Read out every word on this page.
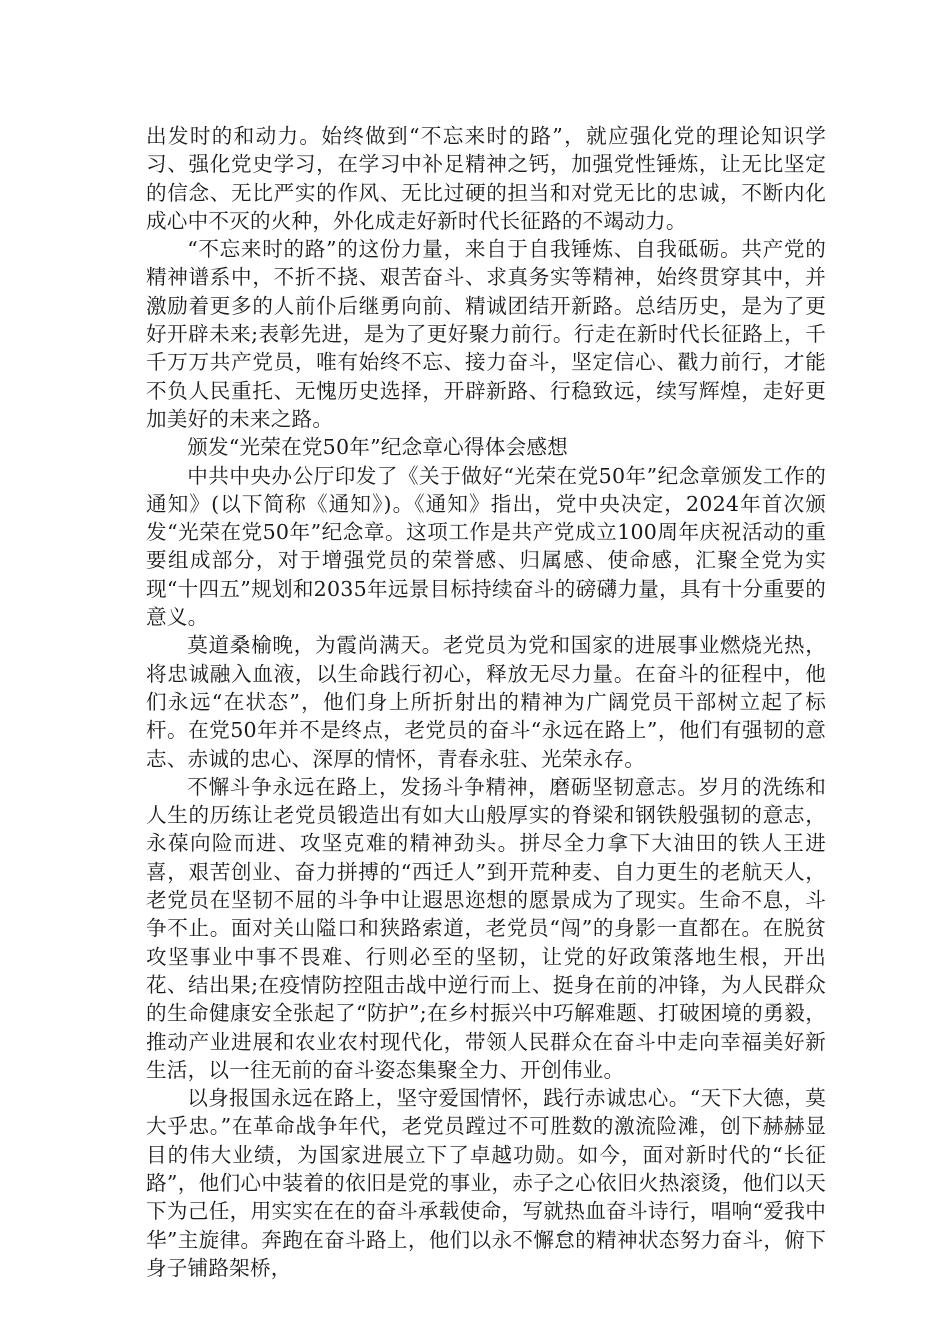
出发时的和动力。始终做到“不忘来时的路”，就应强化党的理论知识学习、强化党史学习，在学习中补足精神之钙，加强党性锤炼，让无比坚定的信念、无比严实的作风、无比过硬的担当和对党无比的忠诚，不断内化成心中不灭的火种，外化成走好新时代长征路的不竭动力。

“不忘来时的路”的这份力量，来自于自我锤炼、自我砥砺。共产党的精神谱系中，不折不挠、艰苦奋斗、求真务实等精神，始终贯穿其中，并激励着更多的人前仆后继勇向前、精诚团结开新路。总结历史，是为了更好开辟未来;表彰先进，是为了更好聚力前行。行走在新时代长征路上，千千万万共产党员，唯有始终不忘、接力奋斗，坚定信心、戳力前行，才能不负人民重托、无愧历史选择，开辟新路、行稳致远，续写辉煌，走好更加美好的未来之路。

颁发“光荣在党50年”纪念章心得体会感想

中共中央办公厅印发了《关于做好“光荣在党50年”纪念章颁发工作的通知》(以下简称《通知》)。《通知》指出，党中央决定，2024年首次颁发“光荣在党50年”纪念章。这项工作是共产党成立100周年庆祝活动的重要组成部分，对于增强党员的荣誉感、归属感、使命感，汇聚全党为实现“十四五”规划和2035年远景目标持续奋斗的磅礴力量，具有十分重要的意义。

莫道桑榆晚，为霞尚满天。老党员为党和国家的进展事业燃烧光热，将忠诚融入血液，以生命践行初心，释放无尽力量。在奋斗的征程中，他们永远“在状态”，他们身上所折射出的精神为广阔党员干部树立起了标杆。在党50年并不是终点，老党员的奋斗“永远在路上”，他们有强韧的意志、赤诚的忠心、深厚的情怀，青春永驻、光荣永存。

不懈斗争永远在路上，发扬斗争精神，磨砺坚韧意志。岁月的洗练和人生的历练让老党员锻造出有如大山般厚实的脊梁和钢铁般强韧的意志，永葆向险而进、攻坚克难的精神劲头。拼尽全力拿下大油田的铁人王进喜，艰苦创业、奋力拼搏的“西迁人”到开荒种麦、自力更生的老航天人，老党员在坚韧不屈的斗争中让遐思迩想的愿景成为了现实。生命不息，斗争不止。面对关山隘口和狭路索道，老党员“闯”的身影一直都在。在脱贫攻坚事业中事不畏难、行则必至的坚韧，让党的好政策落地生根，开出花、结出果;在疫情防控阻击战中逆行而上、挺身在前的冲锋，为人民群众的生命健康安全张起了“防护”;在乡村振兴中巧解难题、打破困境的勇毅，推动产业进展和农业农村现代化，带领人民群众在奋斗中走向幸福美好新生活，以一往无前的奋斗姿态集聚全力、开创伟业。

以身报国永远在路上，坚守爱国情怀，践行赤诚忠心。“天下大德，莫大乎忠。”在革命战争年代，老党员蹚过不可胜数的激流险滩，创下赫赫显目的伟大业绩，为国家进展立下了卓越功勋。如今，面对新时代的“长征路”，他们心中装着的依旧是党的事业，赤子之心依旧火热滚烫，他们以天下为己任，用实实在在的奋斗承载使命，写就热血奋斗诗行，唱响“爱我中华”主旋律。奔跑在奋斗路上，他们以永不懈怠的精神状态努力奋斗，俯下身子铺路架桥，
